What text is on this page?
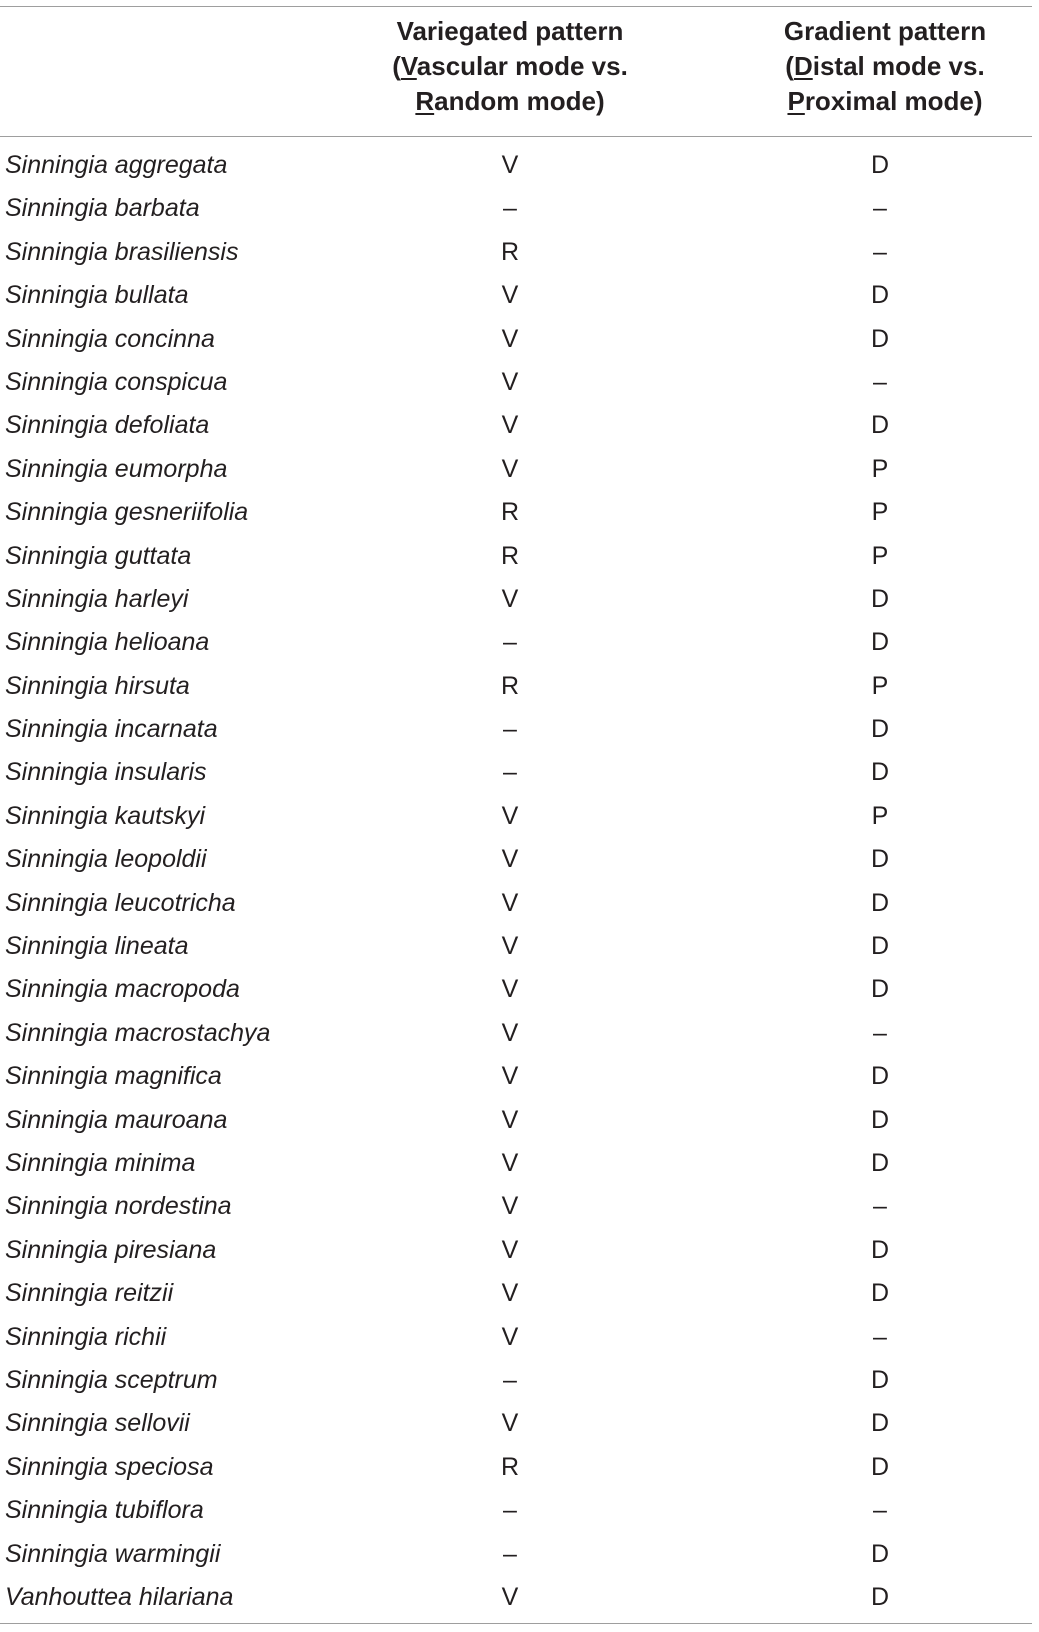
Variegated pattern
(Vascular mode vs.
Random mode)
Gradient pattern
(Distal mode vs.
Proximal mode)
Sinningia aggregata	V	D
Sinningia barbata	–	–
Sinningia brasiliensis	R	–
Sinningia bullata	V	D
Sinningia concinna	V	D
Sinningia conspicua	V	–
Sinningia defoliata	V	D
Sinningia eumorpha	V	P
Sinningia gesneriifolia	R	P
Sinningia guttata	R	P
Sinningia harleyi	V	D
Sinningia helioana	–	D
Sinningia hirsuta	R	P
Sinningia incarnata	–	D
Sinningia insularis	–	D
Sinningia kautskyi	V	P
Sinningia leopoldii	V	D
Sinningia leucotricha	V	D
Sinningia lineata	V	D
Sinningia macropoda	V	D
Sinningia macrostachya	V	–
Sinningia magnifica	V	D
Sinningia mauroana	V	D
Sinningia minima	V	D
Sinningia nordestina	V	–
Sinningia piresiana	V	D
Sinningia reitzii	V	D
Sinningia richii	V	–
Sinningia sceptrum	–	D
Sinningia sellovii	V	D
Sinningia speciosa	R	D
Sinningia tubiflora	–	–
Sinningia warmingii	–	D
Vanhouttea hilariana	V	D
